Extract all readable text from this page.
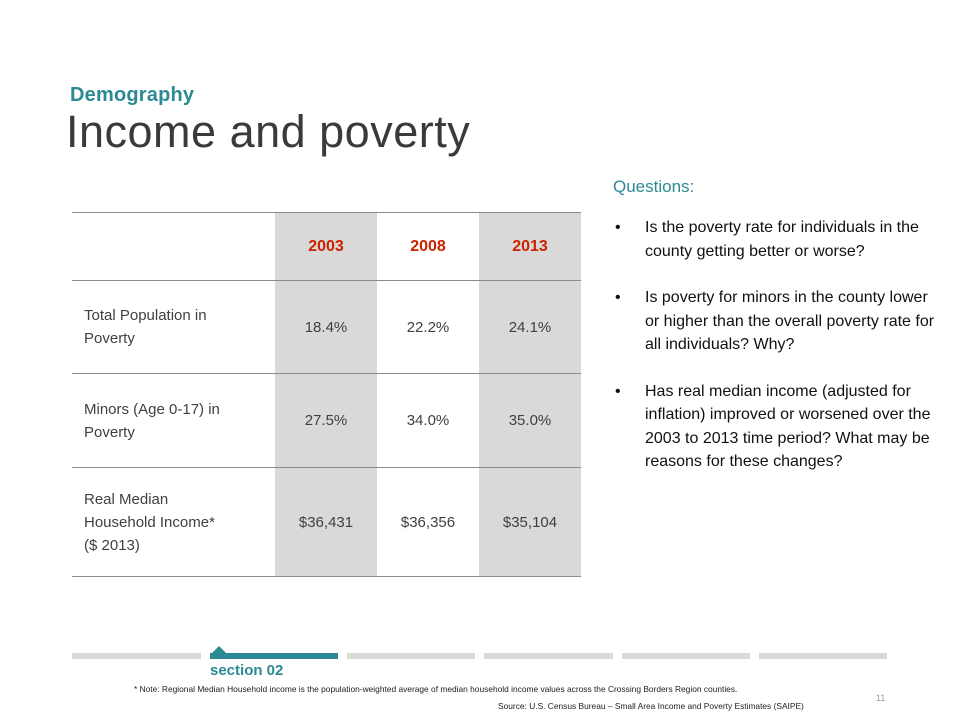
Demography
Income and poverty
	2003	2008	2013
Total Population in
Poverty	18.4%	22.2%	24.1%
Minors (Age 0-17) in
Poverty	27.5%	34.0%	35.0%
Real Median
Household Income*
($ 2013)	$36,431	$36,356	$35,104
Questions:
• Is the poverty rate for individuals in the county getting better or worse?
• Is poverty for minors in the county lower or higher than the overall poverty rate for all individuals? Why?
• Has real median income (adjusted for inflation) improved or worsened over the 2003 to 2013 time period? What may be reasons for these changes?
section 02
* Note: Regional Median Household income is the population-weighted average of median household income values across the Crossing Borders Region counties.
Source: U.S. Census Bureau – Small Area Income and Poverty Estimates (SAIPE)
11
